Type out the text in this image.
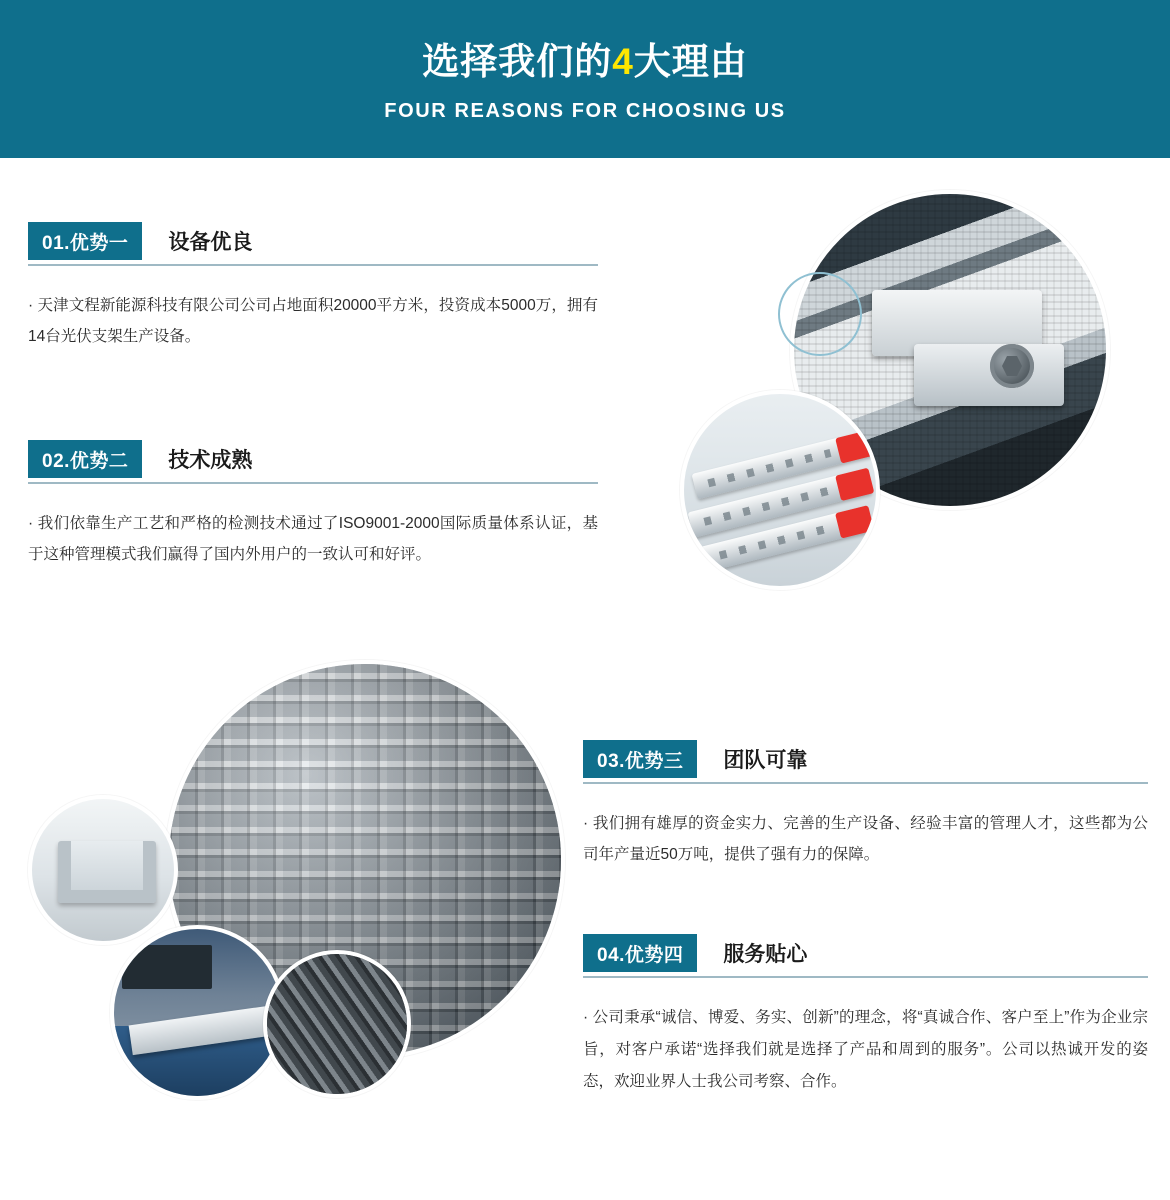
选择我们的4大理由
FOUR REASONS FOR CHOOSING US
01.优势一	设备优良
· 天津文程新能源科技有限公司公司占地面积20000平方米，投资成本5000万，拥有14台光伏支架生产设备。
02.优势二	技术成熟
· 我们依靠生产工艺和严格的检测技术通过了ISO9001-2000国际质量体系认证，基于这种管理模式我们赢得了国内外用户的一致认可和好评。
03.优势三	团队可靠
· 我们拥有雄厚的资金实力、完善的生产设备、经验丰富的管理人才，这些都为公司年产量近50万吨，提供了强有力的保障。
04.优势四	服务贴心
· 公司秉承“诚信、博爱、务实、创新”的理念，将“真诚合作、客户至上”作为企业宗旨，对客户承诺“选择我们就是选择了产品和周到的服务”。公司以热诚开发的姿态，欢迎业界人士我公司考察、合作。
